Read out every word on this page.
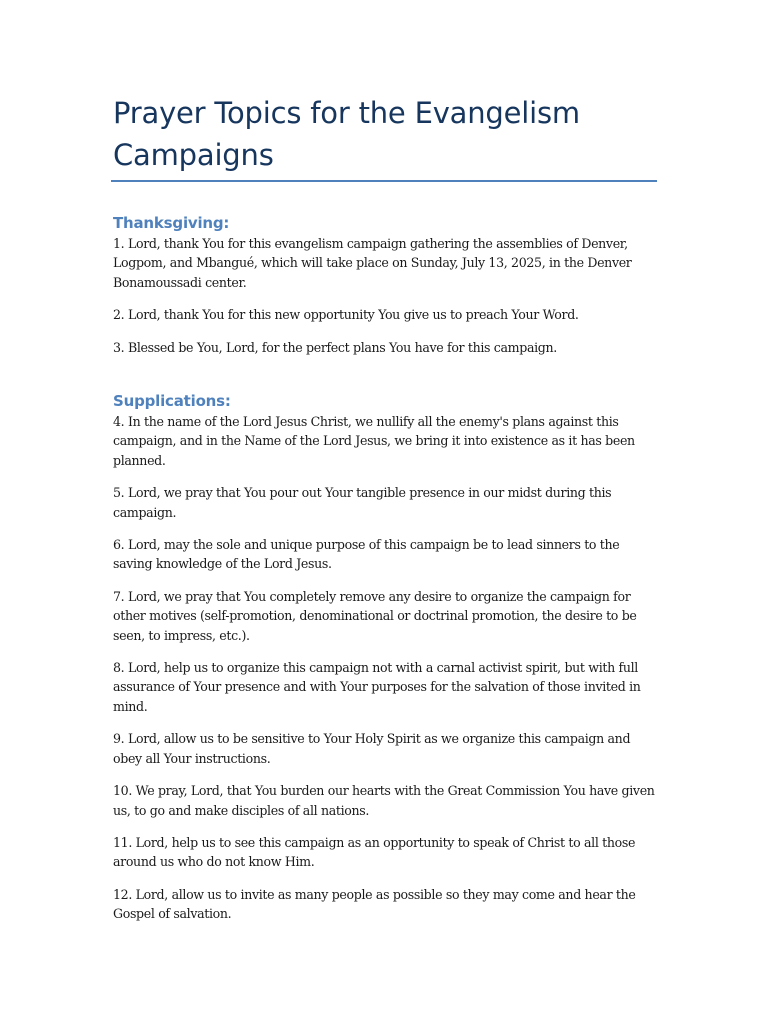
Prayer Topics for the Evangelism Campaigns
Thanksgiving:

1. Lord, thank You for this evangelism campaign gathering the assemblies of Denver, Logpom, and Mbangué, which will take place on Sunday, July 13, 2025, in the Denver Bonamoussadi center.

2. Lord, thank You for this new opportunity You give us to preach Your Word.

3. Blessed be You, Lord, for the perfect plans You have for this campaign.

Supplications:

4. In the name of the Lord Jesus Christ, we nullify all the enemy's plans against this campaign, and in the Name of the Lord Jesus, we bring it into existence as it has been planned.

5. Lord, we pray that You pour out Your tangible presence in our midst during this campaign.

6. Lord, may the sole and unique purpose of this campaign be to lead sinners to the saving knowledge of the Lord Jesus.

7. Lord, we pray that You completely remove any desire to organize the campaign for other motives (self-promotion, denominational or doctrinal promotion, the desire to be seen, to impress, etc.).

8. Lord, help us to organize this campaign not with a carnal activist spirit, but with full assurance of Your presence and with Your purposes for the salvation of those invited in mind.

9. Lord, allow us to be sensitive to Your Holy Spirit as we organize this campaign and obey all Your instructions.

10. We pray, Lord, that You burden our hearts with the Great Commission You have given us, to go and make disciples of all nations.

11. Lord, help us to see this campaign as an opportunity to speak of Christ to all those around us who do not know Him.

12. Lord, allow us to invite as many people as possible so they may come and hear the Gospel of salvation.
